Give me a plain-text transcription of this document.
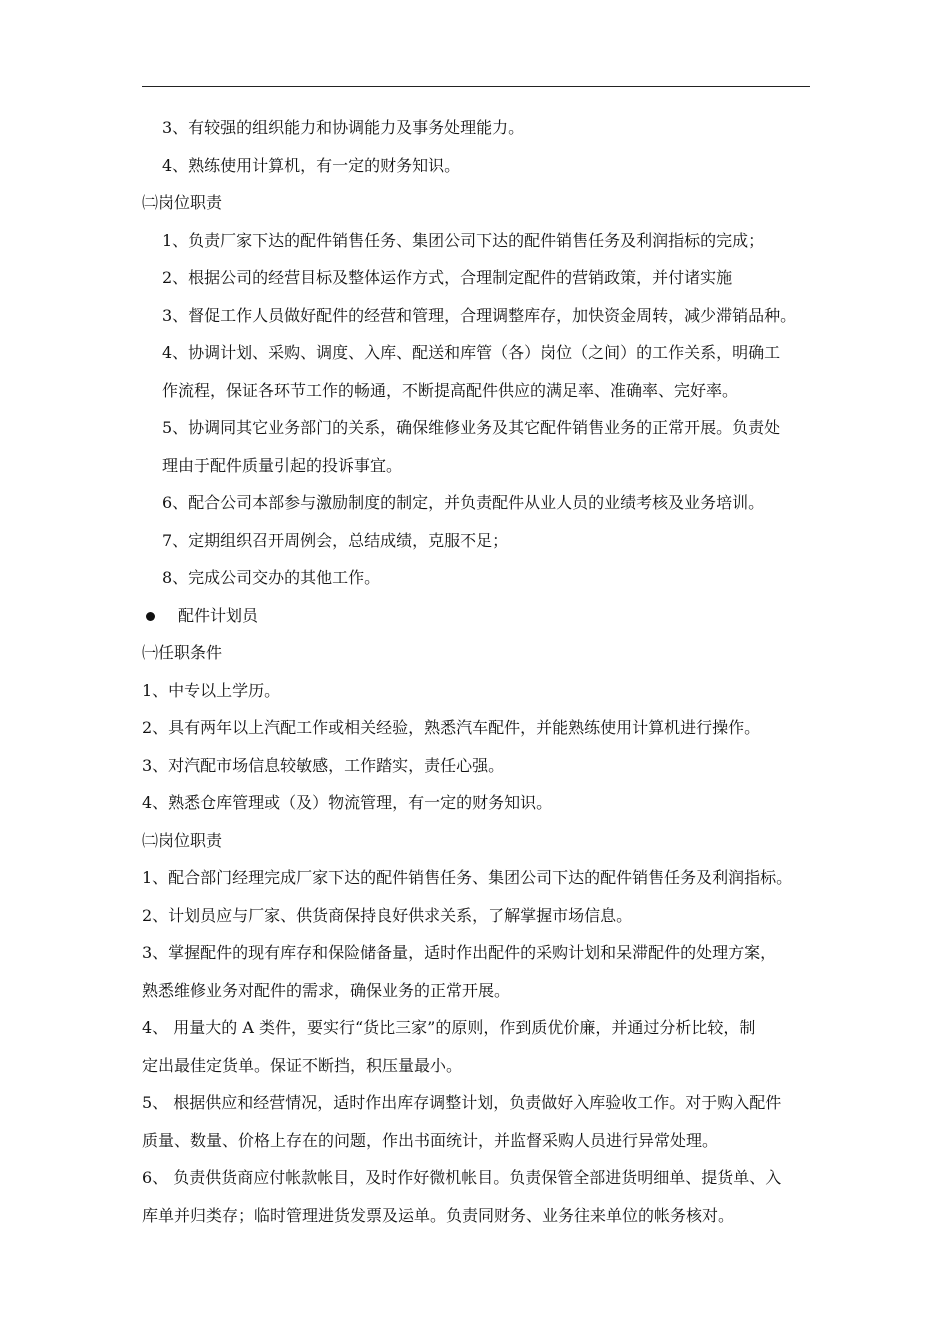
3、有较强的组织能力和协调能力及事务处理能力。
4、熟练使用计算机，有一定的财务知识。
㈡岗位职责
1、负责厂家下达的配件销售任务、集团公司下达的配件销售任务及利润指标的完成；
2、根据公司的经营目标及整体运作方式，合理制定配件的营销政策，并付诸实施
3、督促工作人员做好配件的经营和管理，合理调整库存，加快资金周转，减少滞销品种。
4、协调计划、采购、调度、入库、配送和库管（各）岗位（之间）的工作关系，明确工
作流程，保证各环节工作的畅通，不断提高配件供应的满足率、准确率、完好率。
5、协调同其它业务部门的关系，确保维修业务及其它配件销售业务的正常开展。负责处
理由于配件质量引起的投诉事宜。
6、配合公司本部参与激励制度的制定，并负责配件从业人员的业绩考核及业务培训。
7、定期组织召开周例会，总结成绩，克服不足；
8、完成公司交办的其他工作。
配件计划员
㈠任职条件
1、中专以上学历。
2、具有两年以上汽配工作或相关经验，熟悉汽车配件，并能熟练使用计算机进行操作。
3、对汽配市场信息较敏感，工作踏实，责任心强。
4、熟悉仓库管理或（及）物流管理，有一定的财务知识。
㈡岗位职责
1、配合部门经理完成厂家下达的配件销售任务、集团公司下达的配件销售任务及利润指标。
2、计划员应与厂家、供货商保持良好供求关系，了解掌握市场信息。
3、掌握配件的现有库存和保险储备量，适时作出配件的采购计划和呆滞配件的处理方案，
熟悉维修业务对配件的需求，确保业务的正常开展。
4、 用量大的 A 类件，要实行“货比三家”的原则，作到质优价廉，并通过分析比较，制
定出最佳定货单。保证不断挡，积压量最小。
5、 根据供应和经营情况，适时作出库存调整计划，负责做好入库验收工作。对于购入配件
质量、数量、价格上存在的问题，作出书面统计，并监督采购人员进行异常处理。
6、 负责供货商应付帐款帐目，及时作好微机帐目。负责保管全部进货明细单、提货单、入
库单并归类存；临时管理进货发票及运单。负责同财务、业务往来单位的帐务核对。
